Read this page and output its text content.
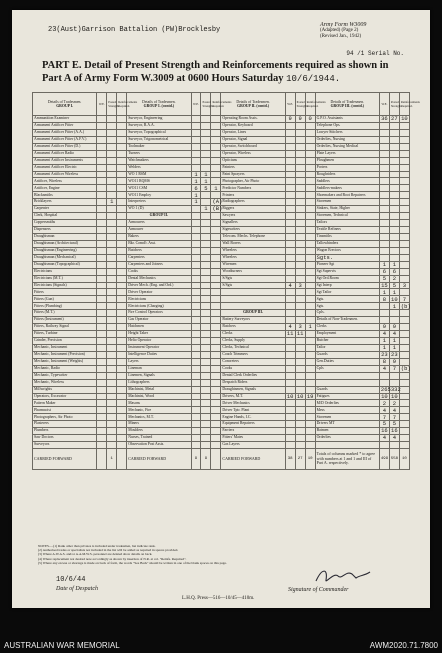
23(Aust)Garrison Battalion (PW)Brocklesby
Army Form W3009
(Adapted) (Page 2)
(Revised Jan., 1942)
94 /1 Serial No.
PART E. Detail of Present Strength and Reinforcements required as shown in
Part A of Army Form W.3009 at 0600 Hours Saturday 10/6/1944.
Details of Tradesmen.
GROUP I.	W.E.	Posted Strength.	Reinforcements Required.	Details of Tradesmen.
GROUP I. (contd.)	W.E.	Posted Strength.	Reinforcements Required.	Details of Tradesmen.
GROUP II. (contd.)	W.E.	Posted Strength.	Reinforcements Required.	Details of Tradesmen.
GROUP III. (contd.)	W.E.	Posted Strength.	Reinforcements Required.
Ammunition Examiner				Surveyor, Engineering				Operating Room Assts.	9	9	0	G.P.O. Assistants	36	27	10
Armament Artificer Fitter				Surveyor, R.A.A.				Operator, Keyboard				Telephone Ops.			
Armament Artificer Fitter (A.A.)				Surveyor, Topographical				Operator, Lines				Lawyer Stitchers			
Armament Artificer Fitter (A.F.V.)				Surveyor, Trigonometrical				Operator, Signal				Orderlies, Nursing			
Armament Artificer Fitter (D.)				Toolmaker				Operator, Switchboard				Orderlies, Nursing Medical			
Armament Artificer Radio				Turners				Operator, Wireless				Plate Layers			
Armament Artificer Instruments				Watchmakers				Opticians				Ploughmen			
Armament Artificer Electric				Welders				Painters				Porters			
Armament Artificer Wireless				WO 1 RSM	1	1		Paint Sprayers				Roughriders			
Artificer, Wireless				WO11 RQMS	1	1		Photographer, Air Photo				Saddlers			
Artificer, Engine				WO11 CSM	6	5	1	Predictor Numbers				Saddlers-makers			
Blacksmiths				WO11 Employ	1			Printers				Shoemakers and Boot Repairers			
Bricklayers		1		Interpreters	1		(A)	Radiographers				Storemen			
Carpenter				WO 1 (D)		1	(B)	Riggers				Sinkers, State, Higher			
Clerk, Hospital				GROUP II.				Sawyers				Storemen, Technical			
Coppersmiths				Armourers				Signallers				Tailors			
Dispensers				Armourer				Signwriters				Textile Refiners			
Draughtsman				Bakers				Telecom. Mechs. Telephone				Tinsmiths			
Draughtsman (Architectural)				Bkr. Comd'r. Asst.				Wall Borers				Tallowbinders			
Draughtsman (Engineering)				Butchers				Wheelers				Wagon Erectors			
Draughtsman (Mechanical)				Carpenters				Wheelers				Sgts.			
Draughtsman (Topographical)				Carpenters and Joiners				Wiremen				Pioneer Sgt	1	1	
Electricians				Cooks				Woodturners				Sgt Supervis	6	6	
Electricians (M.T.)				Dental Mechanics				S/Sgts				Sgt Ord.Room	5	2	
Electricians (Signals)				Driver Mech. (Eng. and Ord.)				S/Sgts	4	3		Sgt Interp	15	5	3
Fitters				Driver Operator								Sgt Tailor	1	1	
Fitters (Gun)				Electricians								Sgts.	8	10	7
Fitters (Plumbing)				Electricians (Charging)								Sgts.		1	(b)
Fitters (M.T.)				Fire Control Operators				GROUP III.				Cpls.			
Fitters (Instrument)				Gas Operator				Battery Surveyors				Details of Non-Tradesmen.			
Fitters, Railway Signal				Hatchmen				Batchers	4	3	1	Clerks	9	9	
Fitters, Turbine				Height Taker				Clerks	11	11		Employment	4	4	
Grinder, Precision				Helio Operator				Clerks, Supply				Butcher	1	1	
Mechanic, Instrument				Instrument Operator				Clerks, Technical				Tailor	1	1	
Mechanic, Instrument (Precision)				Intelligence Duties				Coach Trimmers				Guards	23	23	
Mechanic, Instrument (Weights)				Layers				Concreters				Gen.Duties	8	9	
Mechanic, Radio				Lineman				Cooks				Cpls	4	7	(b)
Mechanic, Typewriter				Linemen, Signals				Dental Clerk Orderlies							
Mechanic, Wireless				Lithographers				Despatch Riders							
Millwrights				Machinist, Metal				Draughtsmen, Signals				Guards	265	332	
Operators, Excavator				Machinist, Wood				Drivers, M.T.	10	10	19	Fatigues	10	10	
Pattern Maker				Masons				Driver Mechanics				M/D Orderlies	2	2	
Pharmacist				Mechanic, Fire				Driver Tptr. Plant				Mess	4	4	
Photographers, Air Photo				Mechanics, M.T.				Engine Hands, I.C.				Storemen	7	7	
Plasterers				Miners				Equipment Repairers				Drivers MT	5	5	
Plumbers				Moulders				Farriers				Batmen	16	16	
Saw Doctors				Nurses, Trained				Fitters' Mates				Orderlies	4	4	
Surveyors				Observation Post Assts.				Gas Layers							
CARRIED FORWARD		1		CARRIED FORWARD	9	9		CARRIED FORWARD	38	27	10	Totals of columns marked * to agree with numbers at 1 and 1 and III of Part A. respectively.	499	558	10
NOTES.—(1) Rank other than privates is included under tradesmen, but indicate rank.
(2) Authorised trades or specialists not included in the list will be added as required in spaces provided.
(3) Where A.W.A.S. and/or A.A.M.W.S. personnel are deleted show details on back.
(4) Where replacement not desired note accordingly as shown by insertion of N.R. at col. "Reinfs. Required".
(5) Where any excess or shortage is made on back of form, the words "See Back" should be written in one of the blank spaces on this page.
10/6/44
Date of Despatch	Signature of Commander
L.H.Q. Press—516—10/45—410m.
AUSTRALIAN WAR MEMORIAL	AWM2020.71.7800
